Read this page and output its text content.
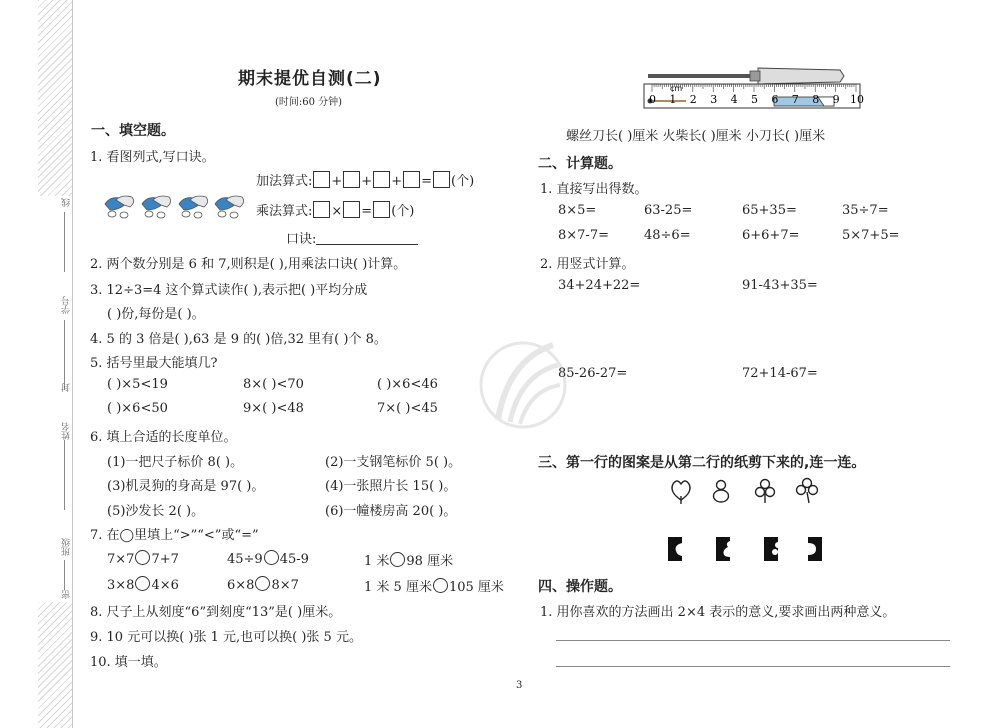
线
学号
封
姓名
班级
密
期末提优自测(二)
(时间:60 分钟)
一、填空题。
1. 看图列式,写口诀。
加法算式: + + + = (个)
乘法算式: × = (个)
口诀:
2. 两个数分别是 6 和 7,则积是( ),用乘法口诀( )计算。
3. 12÷3=4 这个算式读作( ),表示把( )平均分成
( )份,每份是( )。
4. 5 的 3 倍是( ),63 是 9 的( )倍,32 里有( )个 8。
5. 括号里最大能填几?
( )×5<19	8×( )<70	( )×6<46
( )×6<50	9×( )<48	7×( )<45
6. 填上合适的长度单位。
(1)一把尺子标价 8( )。	(2)一支钢笔标价 5( )。
(3)机灵狗的身高是 97( )。	(4)一张照片长 15( )。
(5)沙发长 2( )。	(6)一幢楼房高 20( )。
7. 在◯里填上“>”“<”或“=”
7×7 7+7	45÷9 45-9	1 米 98 厘米
3×8 4×6	6×8 8×7	1 米 5 厘米 105 厘米
8. 尺子上从刻度“6”到刻度“13”是( )厘米。
9. 10 元可以换( )张 1 元,也可以换( )张 5 元。
10. 填一填。
0 1 2 3 4 5 6 7 8 9 10
cm
螺丝刀长( )厘米 火柴长( )厘米 小刀长( )厘米
二、计算题。
1. 直接写出得数。
8×5=	63-25=	65+35=	35÷7=
8×7-7=	48÷6=	6+6+7=	5×7+5=
2. 用竖式计算。
34+24+22=	91-43+35=
85-26-27=	72+14-67=
三、第一行的图案是从第二行的纸剪下来的,连一连。
四、操作题。
1. 用你喜欢的方法画出 2×4 表示的意义,要求画出两种意义。
3
